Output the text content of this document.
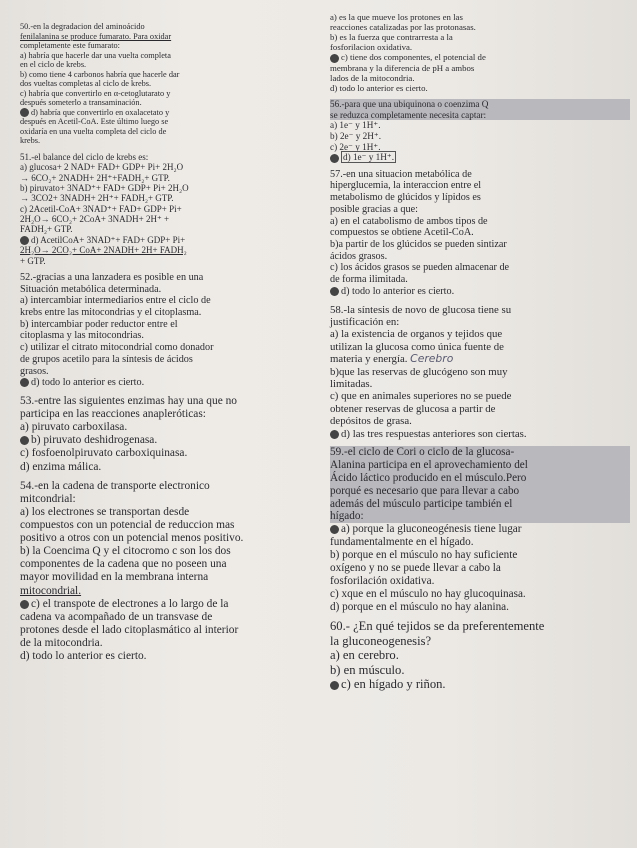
50.-en la degradacion del aminoácido

fenilalanina se produce fumarato. Para oxidar

completamente este fumarato:

a) habría que hacerle dar una vuelta completa

en el ciclo de krebs.

b) como tiene 4 carbonos habría que hacerle dar

dos vueltas completas al ciclo de krebs.

c) habría que convertirlo en α-cetoglutarato y

después someterlo a transaminación.

d) habría que convertirlo en oxalacetato y

después en Acetil-CoA. Este último luego se

oxidaría en una vuelta completa del ciclo de

krebs.

51.-el balance del ciclo de krebs es:

a) glucosa+ 2 NAD+ FAD+ GDP+ Pi+ 2H₂O

→ 6CO₂+ 2NADH+ 2H⁺+FADH₂+ GTP.

b) piruvato+ 3NAD⁺+ FAD+ GDP+ Pi+ 2H₂O

→ 3CO2+ 3NADH+ 2H⁺+ FADH₂+ GTP.

c) 2Acetil-CoA+ 3NAD⁺+ FAD+ GDP+ Pi+

2H₂O→ 6CO₂+ 2CoA+ 3NADH+ 2H⁺ +

FADH₂+ GTP.

d) AcetilCoA+ 3NAD⁺+ FAD+ GDP+ Pi+

2H₂O→ 2CO₂+ CoA+ 2NADH+ 2H+ FADH₂

+ GTP.

52.-gracias a una lanzadera es posible en una

Situación metabólica determinada.

a) intercambiar intermediarios entre el ciclo de

krebs entre las mitocondrias y el citoplasma.

b) intercambiar poder reductor entre el

citoplasma y las mitocondrias.

c) utilizar el citrato mitocondrial como donador

de grupos acetilo para la síntesis de ácidos

grasos.

d) todo lo anterior es cierto.

53.-entre las siguientes enzimas hay una que no

participa en las reacciones anapleróticas:

a) piruvato carboxilasa.

b) piruvato deshidrogenasa.

c) fosfoenolpiruvato carboxiquinasa.

d) enzima málica.

54.-en la cadena de transporte electronico

mitcondrial:

a) los electrones se transportan desde

compuestos con un potencial de reduccion mas

positivo a otros con un potencial menos positivo.

b) la Coencima Q y el citocromo c son los dos

componentes de la cadena que no poseen una

mayor movilidad en la membrana interna

mitocondrial.

c) el transpote de electrones a lo largo de la

cadena va acompañado de un transvase de

protones desde el lado citoplasmático al interior

de la mitocondria.

d) todo lo anterior es cierto.

a) es la que mueve los protones en las

reacciones catalizadas por las protonasas.

b) es la fuerza que contrarresta a la

fosforilacion oxidativa.

c) tiene dos componentes, el potencial de

membrana y la diferencia de pH a ambos

lados de la mitocondria.

d) todo lo anterior es cierto.

56.-para que una ubiquinona o coenzima Q

se reduzca completamente necesita captar:

a) 1e⁻ y 1H⁺.

b) 2e⁻ y 2H⁺.

c) 2e⁻ y 1H⁺.

d) 1e⁻ y 1H⁺.

57.-en una situacion metabólica de

hiperglucemia, la interaccion entre el

metabolismo de glúcidos y lípidos es

posible gracias a que:

a) en el catabolismo de ambos tipos de

compuestos se obtiene Acetil-CoA.

b)a partir de los glúcidos se pueden sintizar

ácidos grasos.

c) los ácidos grasos se pueden almacenar de

de forma ilimitada.

d) todo lo anterior es cierto.

58.-la síntesis de novo de glucosa tiene su

justificación en:

a) la existencia de organos y tejidos que

utilizan la glucosa como única fuente de

materia y energía. Cerebro

b)que las reservas de glucógeno son muy

limitadas.

c) que en animales superiores no se puede

obtener reservas de glucosa a partir de

depósitos de grasa.

d) las tres respuestas anteriores son ciertas.

59.-el ciclo de Cori o ciclo de la glucosa-

Alanina participa en el aprovechamiento del

Ácido láctico producido en el músculo.Pero

porqué es necesario que para llevar a cabo

además del músculo participe también el

hígado:

a) porque la gluconeogénesis tiene lugar

fundamentalmente en el hígado.

b) porque en el músculo no hay suficiente

oxígeno y no se puede llevar a cabo la

fosforilación oxidativa.

c) xque en el músculo no hay glucoquinasa.

d) porque en el músculo no hay alanina.

60.- ¿En qué tejidos se da preferentemente

la gluconeogenesis?

a) en cerebro.

b) en músculo.

c) en hígado y riñon.
